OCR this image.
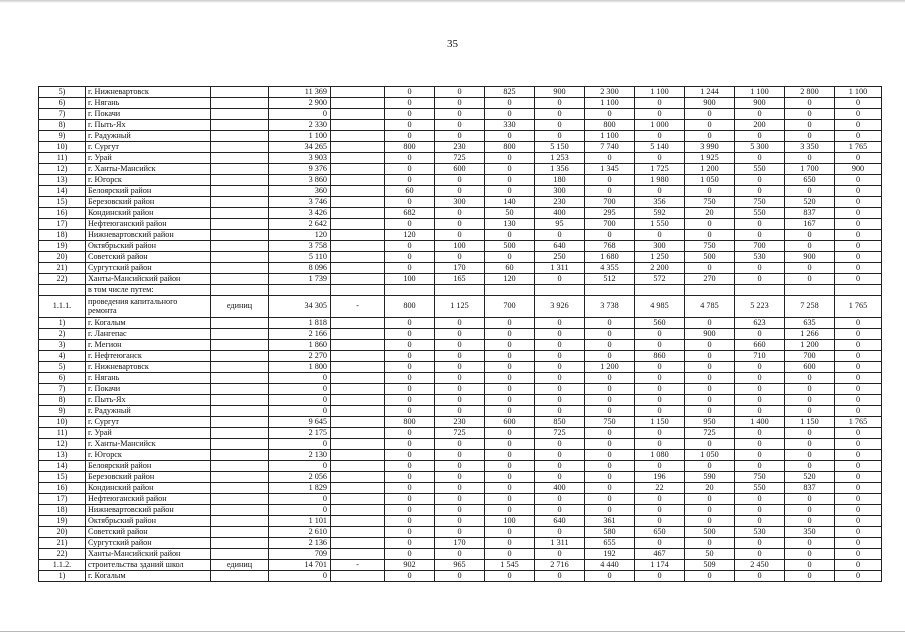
35
5)	г. Нижневартовск		11 369		0	0	825	900	2 300	1 100	1 244	1 100	2 800	1 100
6)	г. Нягань		2 900		0	0	0	0	1 100	0	900	900	0	0
7)	г. Покачи		0		0	0	0	0	0	0	0	0	0	0
8)	г. Пыть-Ях		2 330		0	0	330	0	800	1 000	0	200	0	0
9)	г. Радужный		1 100		0	0	0	0	1 100	0	0	0	0	0
10)	г. Сургут		34 265		800	230	800	5 150	7 740	5 140	3 990	5 300	3 350	1 765
11)	г. Урай		3 903		0	725	0	1 253	0	0	1 925	0	0	0
12)	г. Ханты-Мансийск		9 376		0	600	0	1 356	1 345	1 725	1 200	550	1 700	900
13)	г. Югорск		3 860		0	0	0	180	0	1 980	1 050	0	650	0
14)	Белоярский район		360		60	0	0	300	0	0	0	0	0	0
15)	Березовский район		3 746		0	300	140	230	700	356	750	750	520	0
16)	Кондинский район		3 426		682	0	50	400	295	592	20	550	837	0
17)	Нефтеюганский район		2 642		0	0	130	95	700	1 550	0	0	167	0
18)	Нижневартовский район		120		120	0	0	0	0	0	0	0	0	0
19)	Октябрьский район		3 758		0	100	500	640	768	300	750	700	0	0
20)	Советский район		5 110		0	0	0	250	1 680	1 250	500	530	900	0
21)	Сургутский район		8 096		0	170	60	1 311	4 355	2 200	0	0	0	0
22)	Ханты-Мансийский район		1 739		100	165	120	0	512	572	270	0	0	0
	в том числе путем:													
1.1.1.	проведения капитального ремонта	единиц	34 305	-	800	1 125	700	3 926	3 738	4 985	4 785	5 223	7 258	1 765
1)	г. Когалым		1 818		0	0	0	0	0	560	0	623	635	0
2)	г. Лангепас		2 166		0	0	0	0	0	0	900	0	1 266	0
3)	г. Мегион		1 860		0	0	0	0	0	0	0	660	1 200	0
4)	г. Нефтеюганск		2 270		0	0	0	0	0	860	0	710	700	0
5)	г. Нижневартовск		1 800		0	0	0	0	1 200	0	0	0	600	0
6)	г. Нягань		0		0	0	0	0	0	0	0	0	0	0
7)	г. Покачи		0		0	0	0	0	0	0	0	0	0	0
8)	г. Пыть-Ях		0		0	0	0	0	0	0	0	0	0	0
9)	г. Радужный		0		0	0	0	0	0	0	0	0	0	0
10)	г. Сургут		9 645		800	230	600	850	750	1 150	950	1 400	1 150	1 765
11)	г. Урай		2 175		0	725	0	725	0	0	725	0	0	0
12)	г. Ханты-Мансийск		0		0	0	0	0	0	0	0	0	0	0
13)	г. Югорск		2 130		0	0	0	0	0	1 080	1 050	0	0	0
14)	Белоярский район		0		0	0	0	0	0	0	0	0	0	0
15)	Березовский район		2 056		0	0	0	0	0	196	590	750	520	0
16)	Кондинский район		1 829		0	0	0	400	0	22	20	550	837	0
17)	Нефтеюганский район		0		0	0	0	0	0	0	0	0	0	0
18)	Нижневартовский район		0		0	0	0	0	0	0	0	0	0	0
19)	Октябрьский район		1 101		0	0	100	640	361	0	0	0	0	0
20)	Советский район		2 610		0	0	0	0	580	650	500	530	350	0
21)	Сургутский район		2 136		0	170	0	1 311	655	0	0	0	0	0
22)	Ханты-Мансийский район		709		0	0	0	0	192	467	50	0	0	0
1.1.2.	строительства зданий школ	единиц	14 701	-	902	965	1 545	2 716	4 440	1 174	509	2 450	0	0
1)	г. Когалым		0		0	0	0	0	0	0	0	0	0	0
